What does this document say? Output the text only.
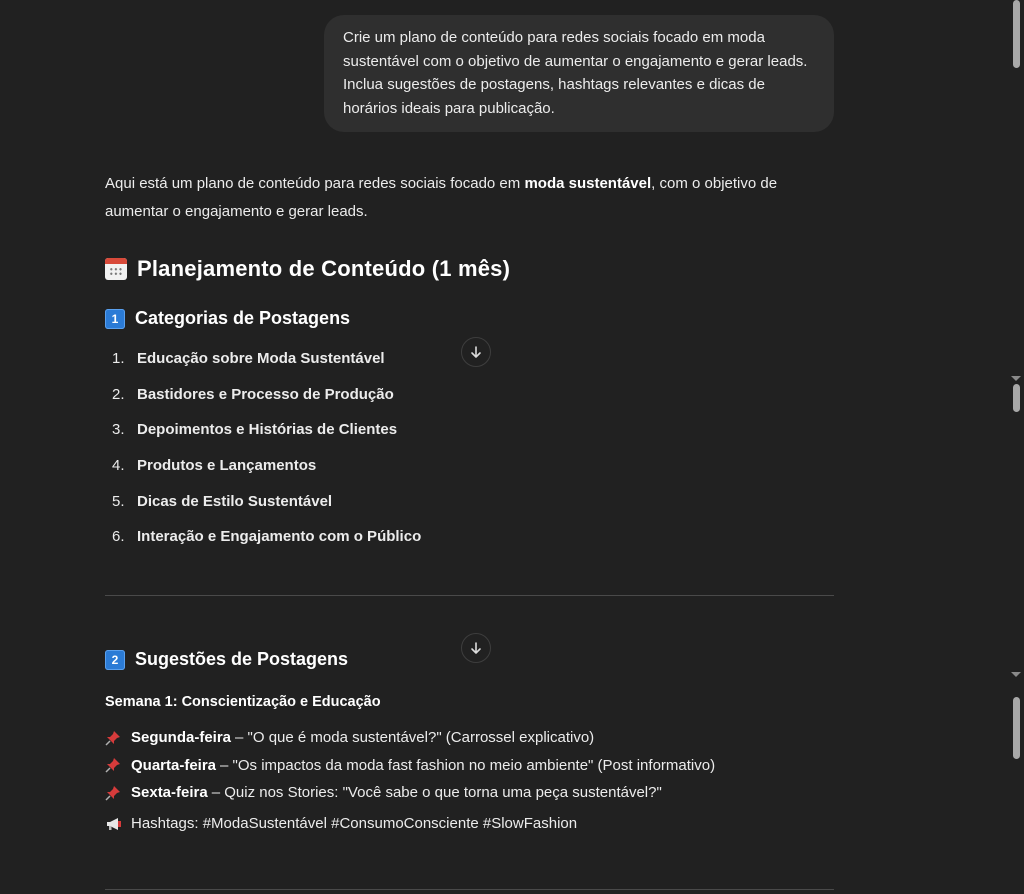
Crie um plano de conteúdo para redes sociais focado em moda sustentável com o objetivo de aumentar o engajamento e gerar leads. Inclua sugestões de postagens, hashtags relevantes e dicas de horários ideais para publicação.
Aqui está um plano de conteúdo para redes sociais focado em moda sustentável, com o objetivo de aumentar o engajamento e gerar leads.
Planejamento de Conteúdo (1 mês)
1 Categorias de Postagens
1. Educação sobre Moda Sustentável
2. Bastidores e Processo de Produção
3. Depoimentos e Histórias de Clientes
4. Produtos e Lançamentos
5. Dicas de Estilo Sustentável
6. Interação e Engajamento com o Público
2 Sugestões de Postagens
Semana 1: Conscientização e Educação
Segunda-feira – "O que é moda sustentável?" (Carrossel explicativo)
Quarta-feira – "Os impactos da moda fast fashion no meio ambiente" (Post informativo)
Sexta-feira – Quiz nos Stories: "Você sabe o que torna uma peça sustentável?"
Hashtags: #ModaSustentável #ConsumoConsciente #SlowFashion
